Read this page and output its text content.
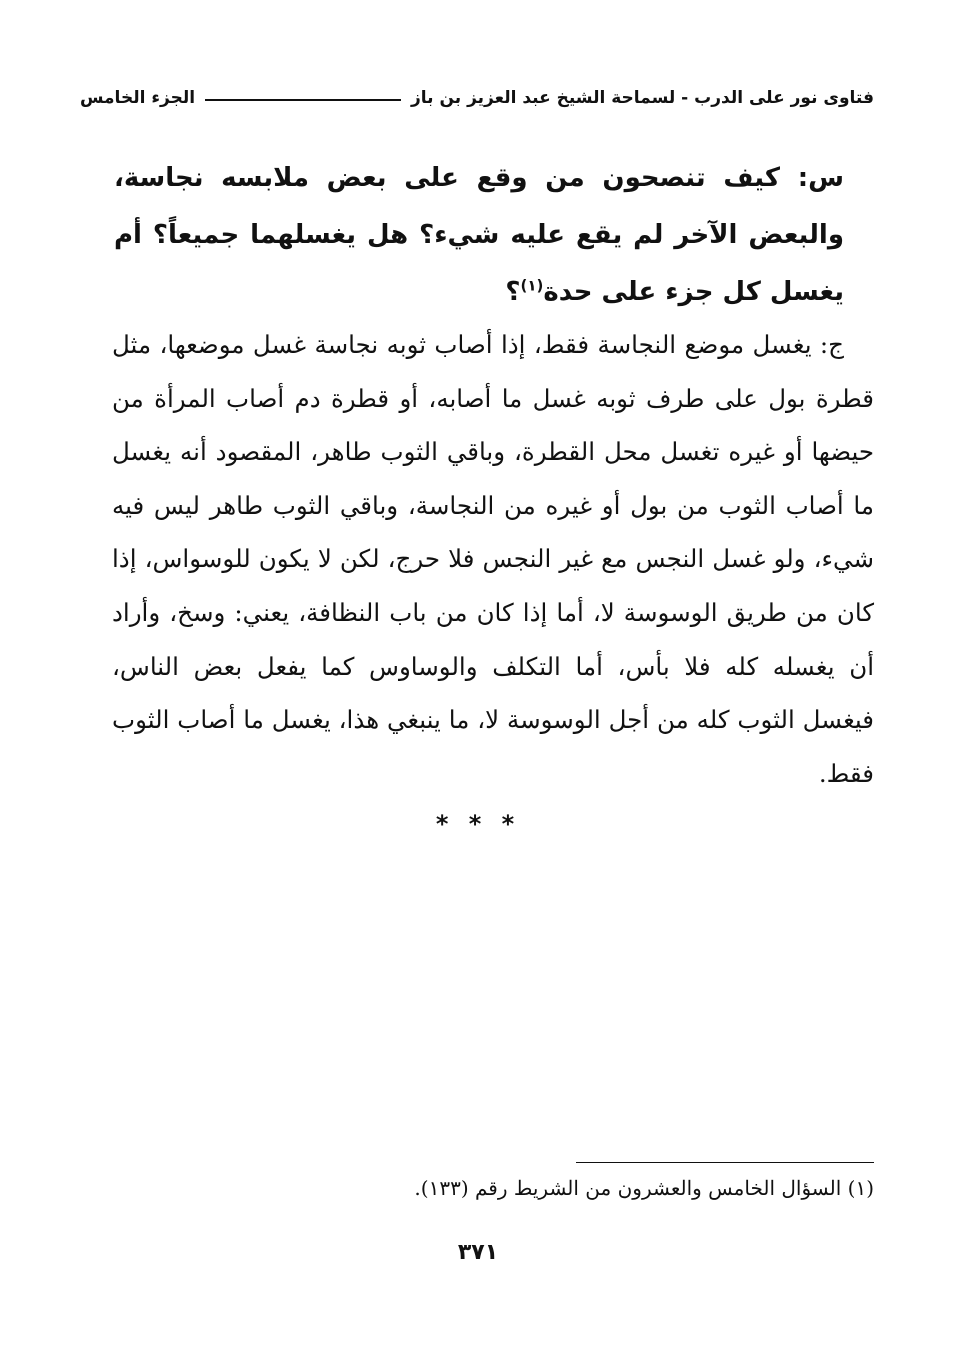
فتاوى نور على الدرب - لسماحة الشيخ عبد العزيز بن باز
الجزء الخامس
س: كيف تنصحون من وقع على بعض ملابسه نجاسة، والبعض الآخر لم يقع عليه شيء؟ هل يغسلهما جميعاً؟ أم يغسل كل جزء على حدة$^{(١)}$؟
ج: يغسل موضع النجاسة فقط، إذا أصاب ثوبه نجاسة غسل موضعها، مثل قطرة بول على طرف ثوبه غسل ما أصابه، أو قطرة دم أصاب المرأة من حيضها أو غيره تغسل محل القطرة، وباقي الثوب طاهر، المقصود أنه يغسل ما أصاب الثوب من بول أو غيره من النجاسة، وباقي الثوب طاهر ليس فيه شيء، ولو غسل النجس مع غير النجس فلا حرج، لكن لا يكون للوسواس، إذا كان من طريق الوسوسة لا، أما إذا كان من باب النظافة، يعني: وسخ، وأراد أن يغسله كله فلا بأس، أما التكلف والوساوس كما يفعل بعض الناس، فيغسل الثوب كله من أجل الوسوسة لا، ما ينبغي هذا، يغسل ما أصاب الثوب فقط.
* * *
(١) السؤال الخامس والعشرون من الشريط رقم (١٣٣).
٣٧١
